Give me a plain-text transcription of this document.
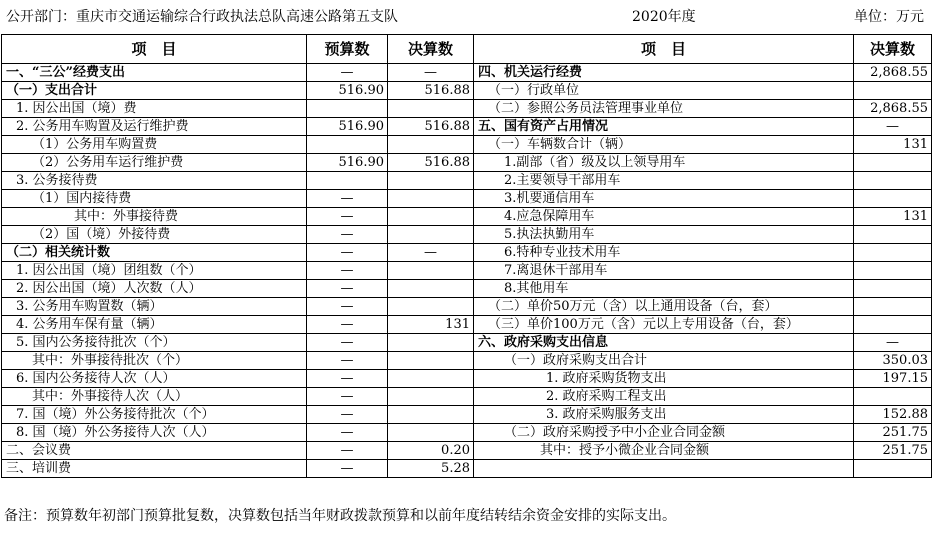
公开部门：重庆市交通运输综合行政执法总队高速公路第五支队	2020年度	单位：万元
项　目	预算数	决算数	项　目	决算数
一、“三公”经费支出	—	—	四、机关运行经费	2,868.55
（一）支出合计	516.90	516.88	（一）行政单位	
1. 因公出国（境）费			（二）参照公务员法管理事业单位	2,868.55
2. 公务用车购置及运行维护费	516.90	516.88	五、国有资产占用情况	—
（1）公务用车购置费			（一）车辆数合计（辆）	131
（2）公务用车运行维护费	516.90	516.88	1.副部（省）级及以上领导用车	
3. 公务接待费			2.主要领导干部用车	
（1）国内接待费	—		3.机要通信用车	
其中：外事接待费	—		4.应急保障用车	131
（2）国（境）外接待费	—		5.执法执勤用车	
（二）相关统计数	—	—	6.特种专业技术用车	
1. 因公出国（境）团组数（个）	—		7.离退休干部用车	
2. 因公出国（境）人次数（人）	—		8.其他用车	
3. 公务用车购置数（辆）	—		（二）单价50万元（含）以上通用设备（台，套）	
4. 公务用车保有量（辆）	—	131	（三）单价100万元（含）元以上专用设备（台，套）	
5. 国内公务接待批次（个）	—		六、政府采购支出信息	—
其中：外事接待批次（个）	—		（一）政府采购支出合计	350.03
6. 国内公务接待人次（人）	—		1. 政府采购货物支出	197.15
其中：外事接待人次（人）	—		2. 政府采购工程支出	
7. 国（境）外公务接待批次（个）	—		3. 政府采购服务支出	152.88
8. 国（境）外公务接待人次（人）	—		（二）政府采购授予中小企业合同金额	251.75
二、会议费	—	0.20	其中：授予小微企业合同金额	251.75
三、培训费	—	5.28		
备注：预算数年初部门预算批复数，决算数包括当年财政拨款预算和以前年度结转结余资金安排的实际支出。
